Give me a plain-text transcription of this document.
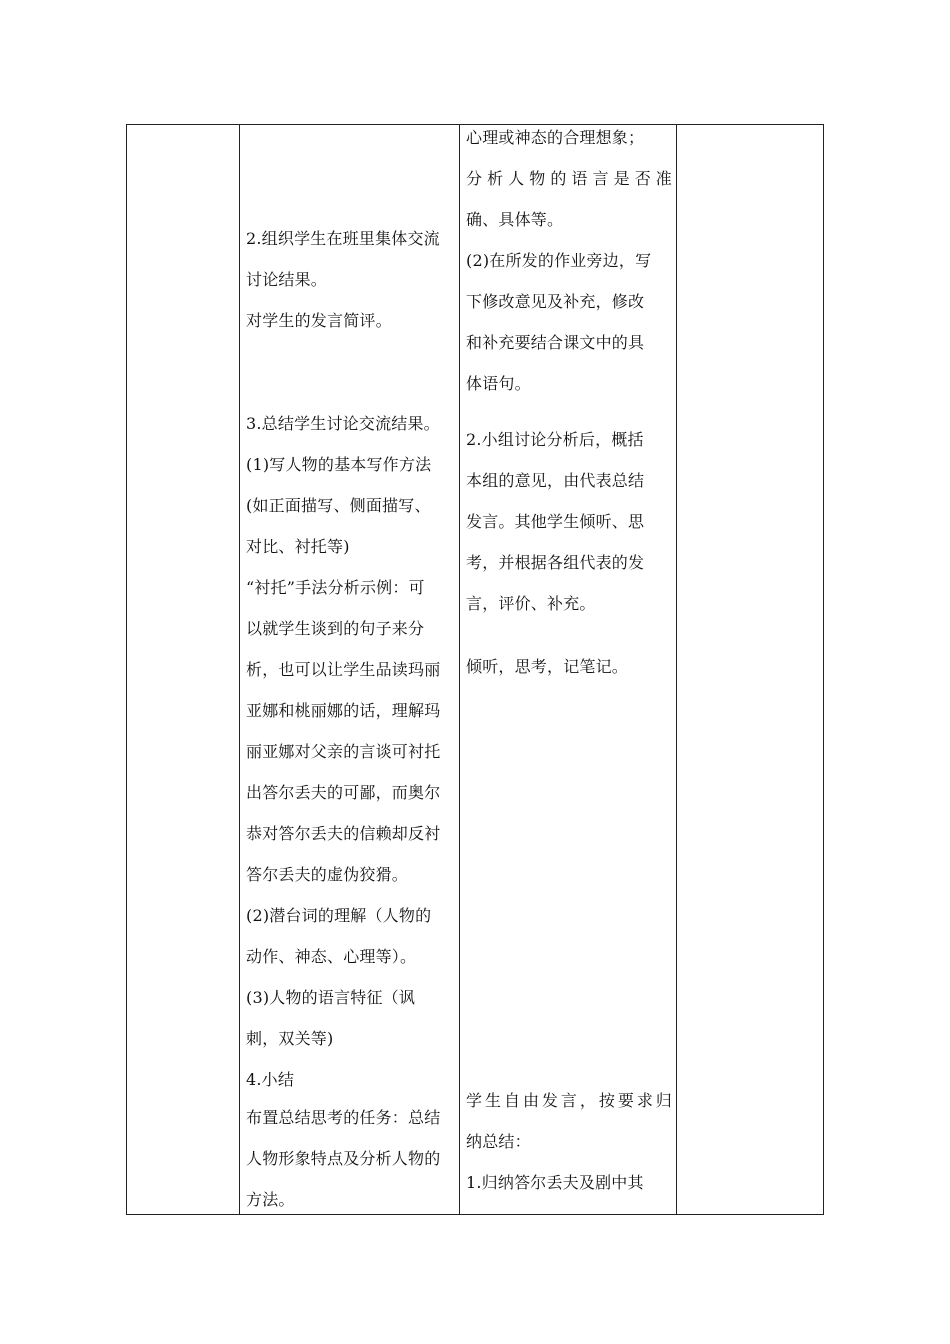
2.组织学生在班里集体交流

讨论结果。

对学生的发言简评。

3.总结学生讨论交流结果。

(1)写人物的基本写作方法

(如正面描写、侧面描写、

对比、衬托等)

“衬托”手法分析示例：可

以就学生谈到的句子来分

析，也可以让学生品读玛丽

亚娜和桃丽娜的话，理解玛

丽亚娜对父亲的言谈可衬托

出答尔丢夫的可鄙，而奥尔

恭对答尔丢夫的信赖却反衬

答尔丢夫的虚伪狡猾。

(2)潜台词的理解（人物的

动作、神态、心理等）。

(3)人物的语言特征（讽

刺，双关等)

4.小结

布置总结思考的任务：总结

人物形象特点及分析人物的

方法。

心理或神态的合理想象；

分析人物的语言是否准

确、具体等。

(2)在所发的作业旁边，写

下修改意见及补充，修改

和补充要结合课文中的具

体语句。

2.小组讨论分析后，概括

本组的意见，由代表总结

发言。其他学生倾听、思

考，并根据各组代表的发

言，评价、补充。

倾听，思考，记笔记。

学生自由发言，按要求归

纳总结：

1.归纳答尔丢夫及剧中其
